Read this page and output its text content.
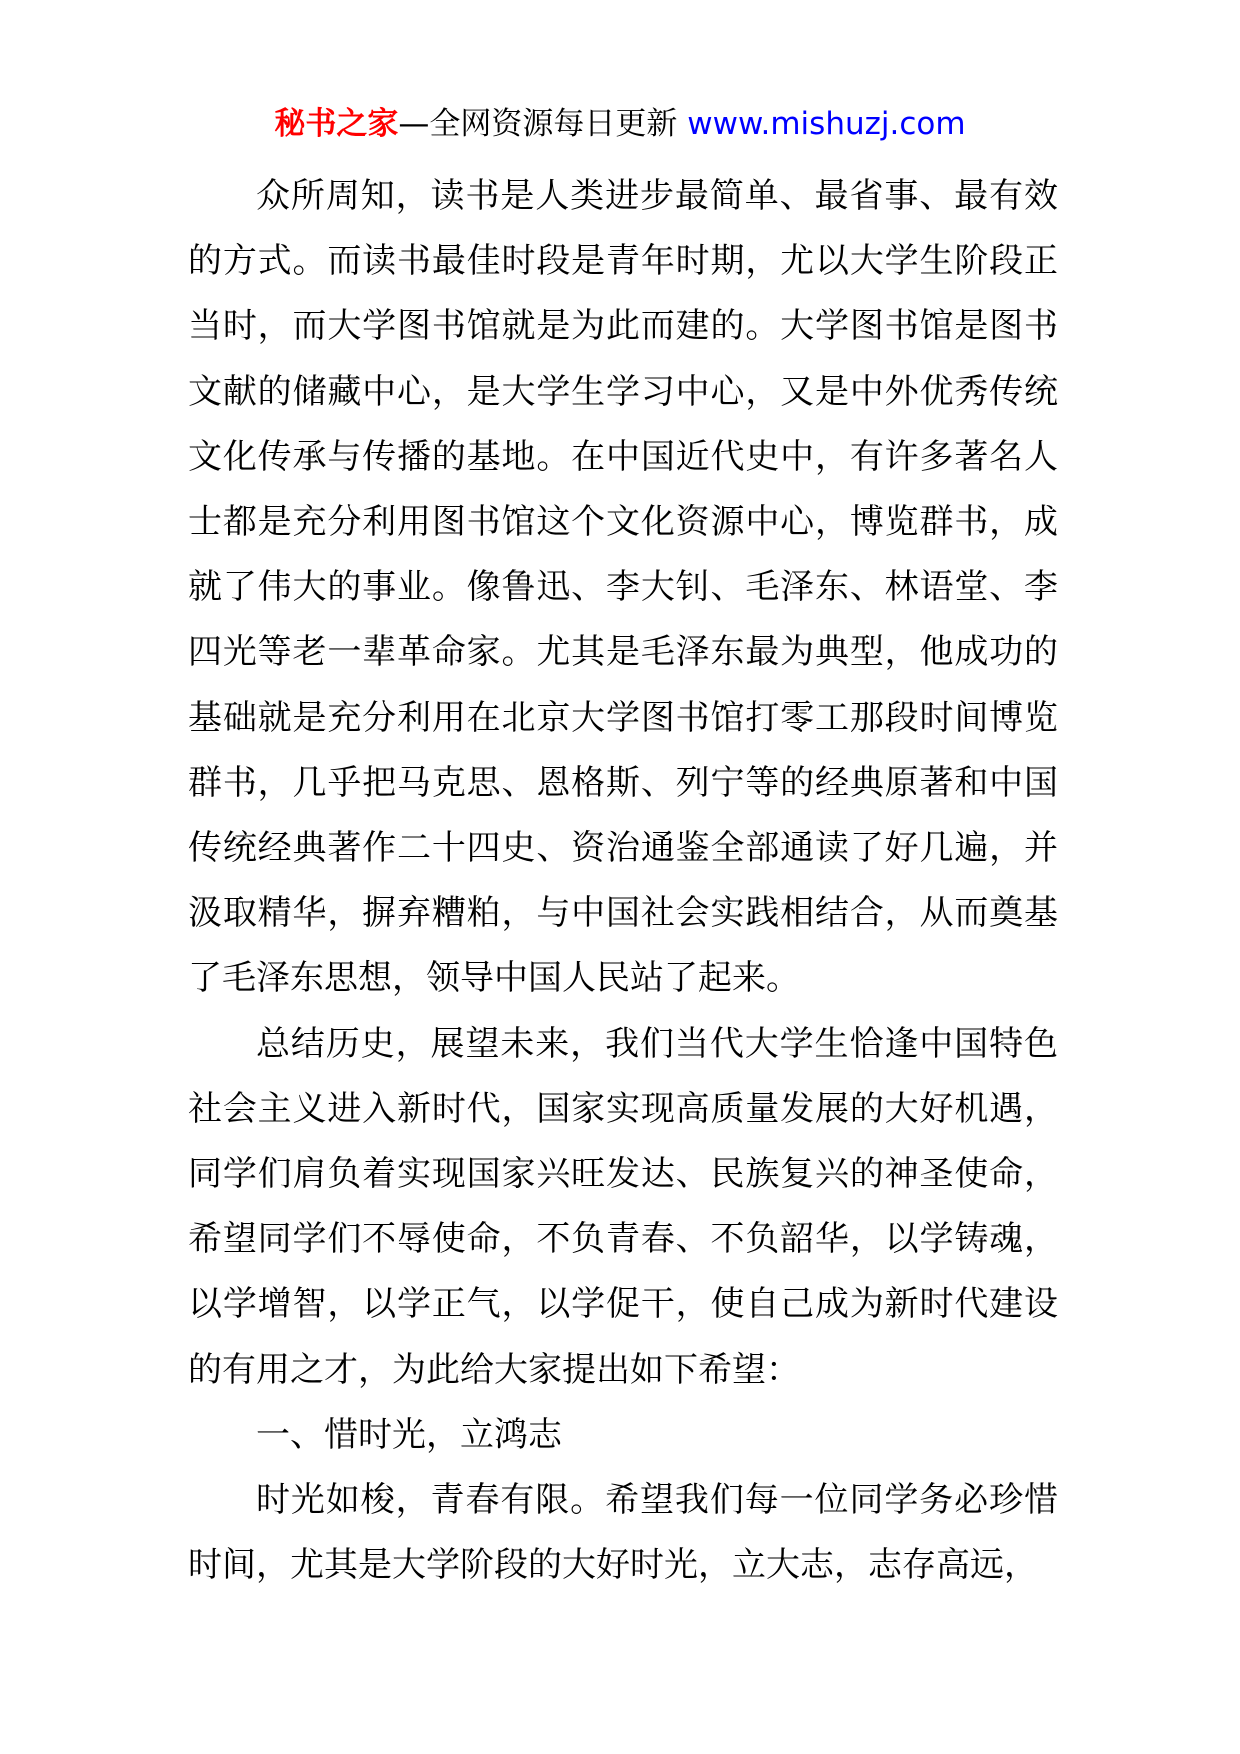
秘书之家—全网资源每日更新 www.mishuzj.com

众所周知，读书是人类进步最简单、最省事、最有效的方式。而读书最佳时段是青年时期，尤以大学生阶段正当时，而大学图书馆就是为此而建的。大学图书馆是图书文献的储藏中心，是大学生学习中心，又是中外优秀传统文化传承与传播的基地。在中国近代史中，有许多著名人士都是充分利用图书馆这个文化资源中心，博览群书，成就了伟大的事业。像鲁迅、李大钊、毛泽东、林语堂、李四光等老一辈革命家。尤其是毛泽东最为典型，他成功的基础就是充分利用在北京大学图书馆打零工那段时间博览群书，几乎把马克思、恩格斯、列宁等的经典原著和中国传统经典著作二十四史、资治通鉴全部通读了好几遍，并汲取精华，摒弃糟粕，与中国社会实践相结合，从而奠基了毛泽东思想，领导中国人民站了起来。

总结历史，展望未来，我们当代大学生恰逢中国特色社会主义进入新时代，国家实现高质量发展的大好机遇，同学们肩负着实现国家兴旺发达、民族复兴的神圣使命，希望同学们不辱使命，不负青春、不负韶华，以学铸魂，以学增智，以学正气，以学促干，使自己成为新时代建设的有用之才，为此给大家提出如下希望：

一、惜时光，立鸿志

时光如梭，青春有限。希望我们每一位同学务必珍惜时间，尤其是大学阶段的大好时光，立大志，志存高远，
